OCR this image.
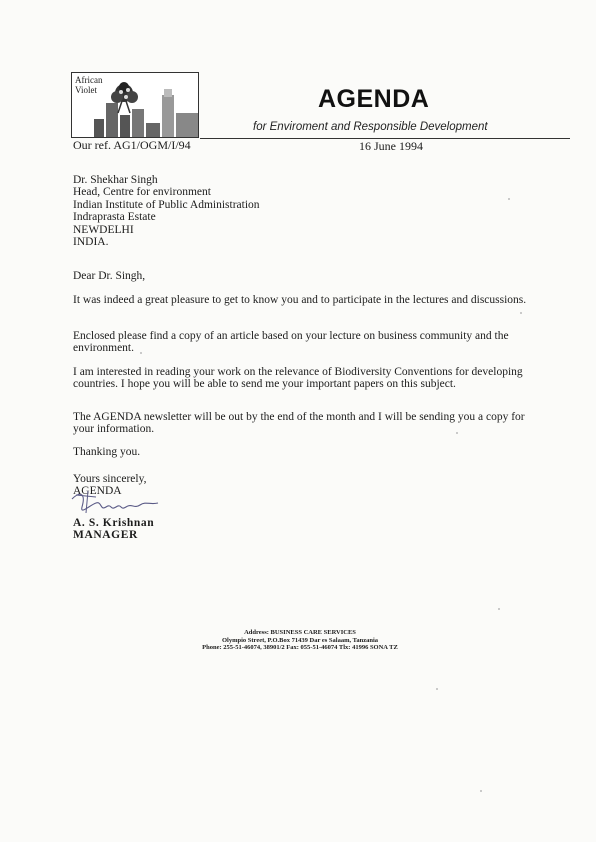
African
Violet	AGENDA
for Enviroment and Responsible Development
Our ref. AG1/OGM/I/94	16 June 1994
Dr. Shekhar Singh
Head, Centre for environment
Indian Institute of Public Administration
Indraprasta Estate
NEWDELHI
INDIA.
Dear Dr. Singh,
It was indeed a great pleasure to get to know you and to participate in the lectures and discussions.
Enclosed please find a copy of an article based on your lecture on business community and the environment.
I am interested in reading your work on the relevance of Biodiversity Conventions for developing countries. I hope you will be able to send me your important papers on this subject.
The AGENDA newsletter will be out by the end of the month and I will be sending you a copy for your information.
Thanking you.
Yours sincerely,
AGENDA
A. S. Krishnan
MANAGER
Address: BUSINESS CARE SERVICES
Olympio Street, P.O.Box 71439 Dar es Salaam, Tanzania
Phone: 255-51-46074, 38901/2 Fax: 055-51-46074 Tlx: 41996 SONA TZ
